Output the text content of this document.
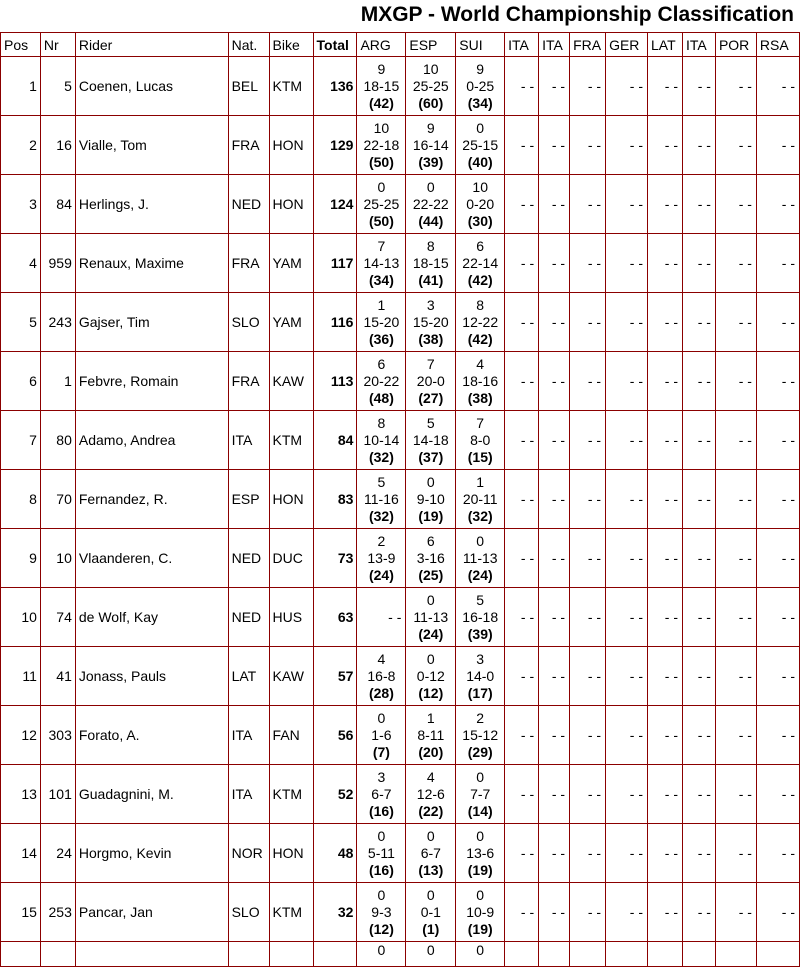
MXGP - World Championship Classification
Pos	Nr	Rider	Nat.	Bike	Total	ARG	ESP	SUI	ITA	ITA	FRA	GER	LAT	ITA	POR	RSA
1	5	Coenen, Lucas	BEL	KTM	136	9
18-15
(42)	10
25-25
(60)	9
0-25
(34)	- -	- -	- -	- -	- -	- -	- -	- -
2	16	Vialle, Tom	FRA	HON	129	10
22-18
(50)	9
16-14
(39)	0
25-15
(40)	- -	- -	- -	- -	- -	- -	- -	- -
3	84	Herlings, J.	NED	HON	124	0
25-25
(50)	0
22-22
(44)	10
0-20
(30)	- -	- -	- -	- -	- -	- -	- -	- -
4	959	Renaux, Maxime	FRA	YAM	117	7
14-13
(34)	8
18-15
(41)	6
22-14
(42)	- -	- -	- -	- -	- -	- -	- -	- -
5	243	Gajser, Tim	SLO	YAM	116	1
15-20
(36)	3
15-20
(38)	8
12-22
(42)	- -	- -	- -	- -	- -	- -	- -	- -
6	1	Febvre, Romain	FRA	KAW	113	6
20-22
(48)	7
20-0
(27)	4
18-16
(38)	- -	- -	- -	- -	- -	- -	- -	- -
7	80	Adamo, Andrea	ITA	KTM	84	8
10-14
(32)	5
14-18
(37)	7
8-0
(15)	- -	- -	- -	- -	- -	- -	- -	- -
8	70	Fernandez, R.	ESP	HON	83	5
11-16
(32)	0
9-10
(19)	1
20-11
(32)	- -	- -	- -	- -	- -	- -	- -	- -
9	10	Vlaanderen, C.	NED	DUC	73	2
13-9
(24)	6
3-16
(25)	0
11-13
(24)	- -	- -	- -	- -	- -	- -	- -	- -
10	74	de Wolf, Kay	NED	HUS	63	- -	0
11-13
(24)	5
16-18
(39)	- -	- -	- -	- -	- -	- -	- -	- -
11	41	Jonass, Pauls	LAT	KAW	57	4
16-8
(28)	0
0-12
(12)	3
14-0
(17)	- -	- -	- -	- -	- -	- -	- -	- -
12	303	Forato, A.	ITA	FAN	56	0
1-6
(7)	1
8-11
(20)	2
15-12
(29)	- -	- -	- -	- -	- -	- -	- -	- -
13	101	Guadagnini, M.	ITA	KTM	52	3
6-7
(16)	4
12-6
(22)	0
7-7
(14)	- -	- -	- -	- -	- -	- -	- -	- -
14	24	Horgmo, Kevin	NOR	HON	48	0
5-11
(16)	0
6-7
(13)	0
13-6
(19)	- -	- -	- -	- -	- -	- -	- -	- -
15	253	Pancar, Jan	SLO	KTM	32	0
9-3
(12)	0
0-1
(1)	0
10-9
(19)	- -	- -	- -	- -	- -	- -	- -	- -

						0	0	0								
